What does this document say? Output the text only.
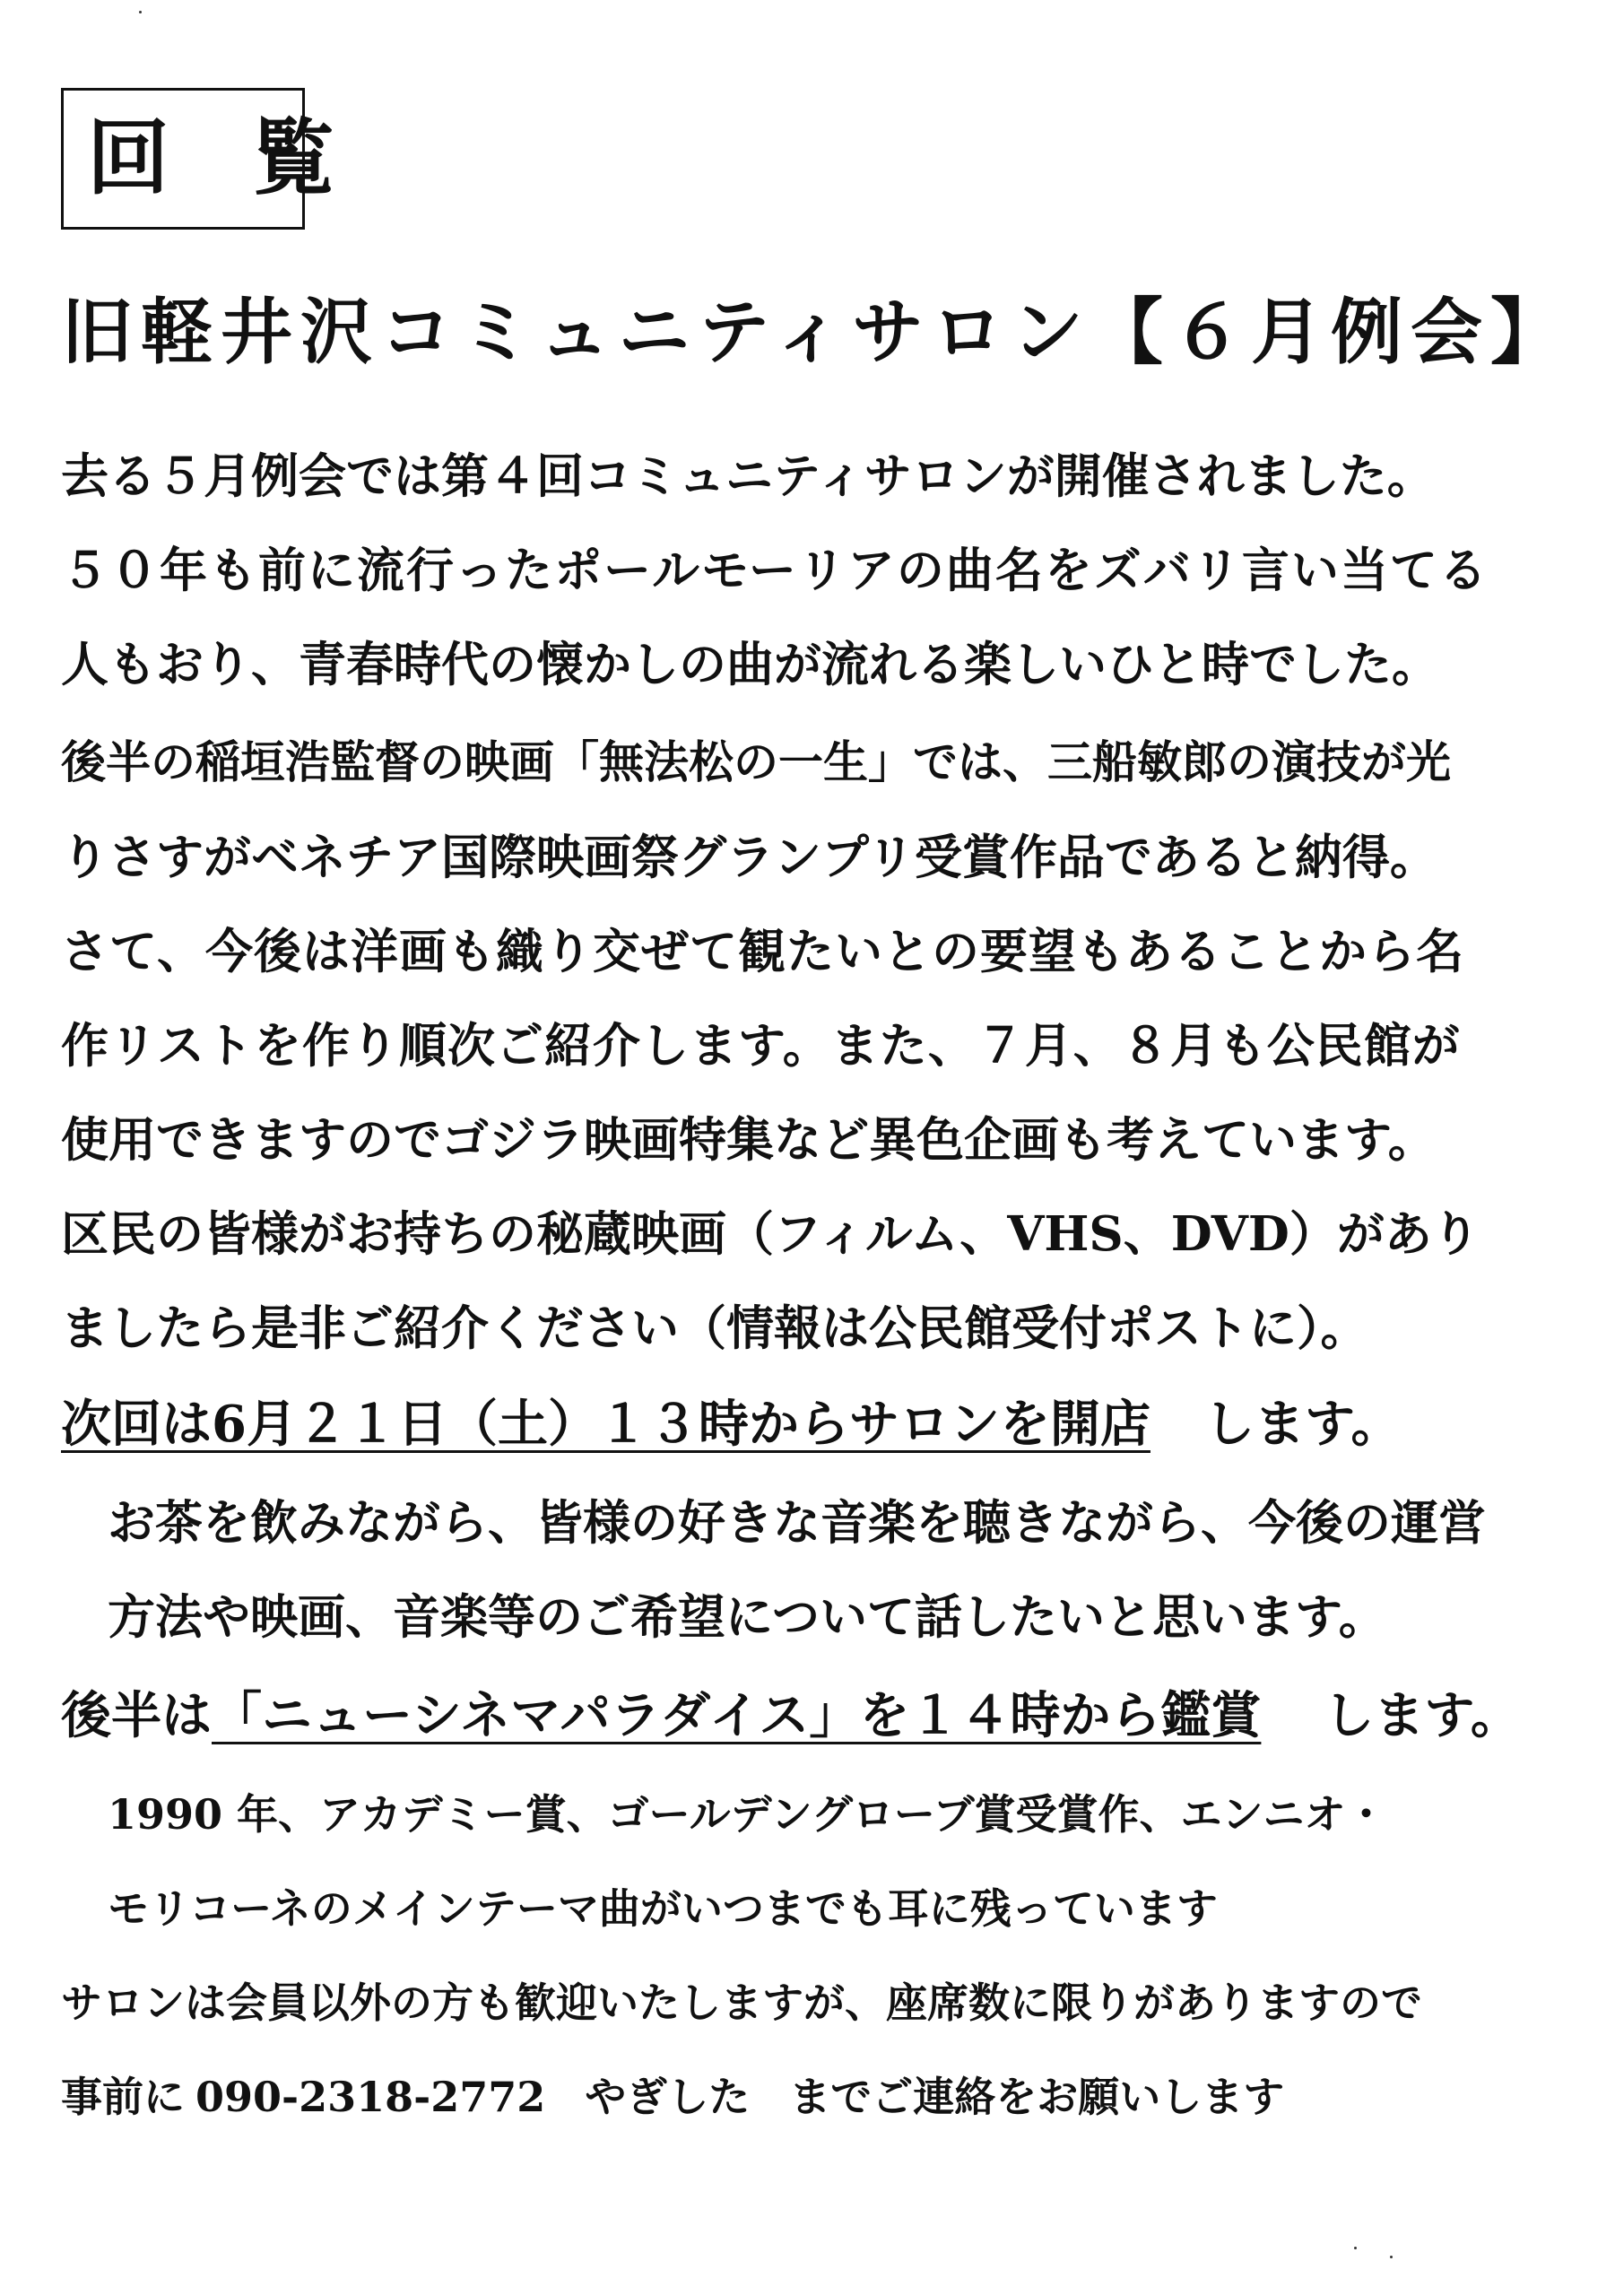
回 覧
旧軽井沢コミュニティサロン【６月例会】
去る５月例会では第４回コミュニティサロンが開催されました。
５０年も前に流行ったポールモーリアの曲名をズバリ言い当てる
人もおり、青春時代の懐かしの曲が流れる楽しいひと時でした。
後半の稲垣浩監督の映画「無法松の一生」では、三船敏郎の演技が光
りさすがベネチア国際映画祭グランプリ受賞作品であると納得。
さて、今後は洋画も織り交ぜて観たいとの要望もあることから名
作リストを作り順次ご紹介します。また、７月、８月も公民館が
使用できますのでゴジラ映画特集など異色企画も考えています。
区民の皆様がお持ちの秘蔵映画（フィルム、VHS、DVD）があり
ましたら是非ご紹介ください（情報は公民館受付ポストに）。
次回は6月２１日（土）１３時からサロンを開店 します。
お茶を飲みながら、皆様の好きな音楽を聴きながら、今後の運営
方法や映画、音楽等のご希望について話したいと思います。
後半は「ニューシネマパラダイス」を１４時から鑑賞 します。
1990 年、アカデミー賞、ゴールデングローブ賞受賞作、エンニオ・
モリコーネのメインテーマ曲がいつまでも耳に残っています
サロンは会員以外の方も歓迎いたしますが、座席数に限りがありますので
事前に 090-2318-2772 やぎした までご連絡をお願いします
